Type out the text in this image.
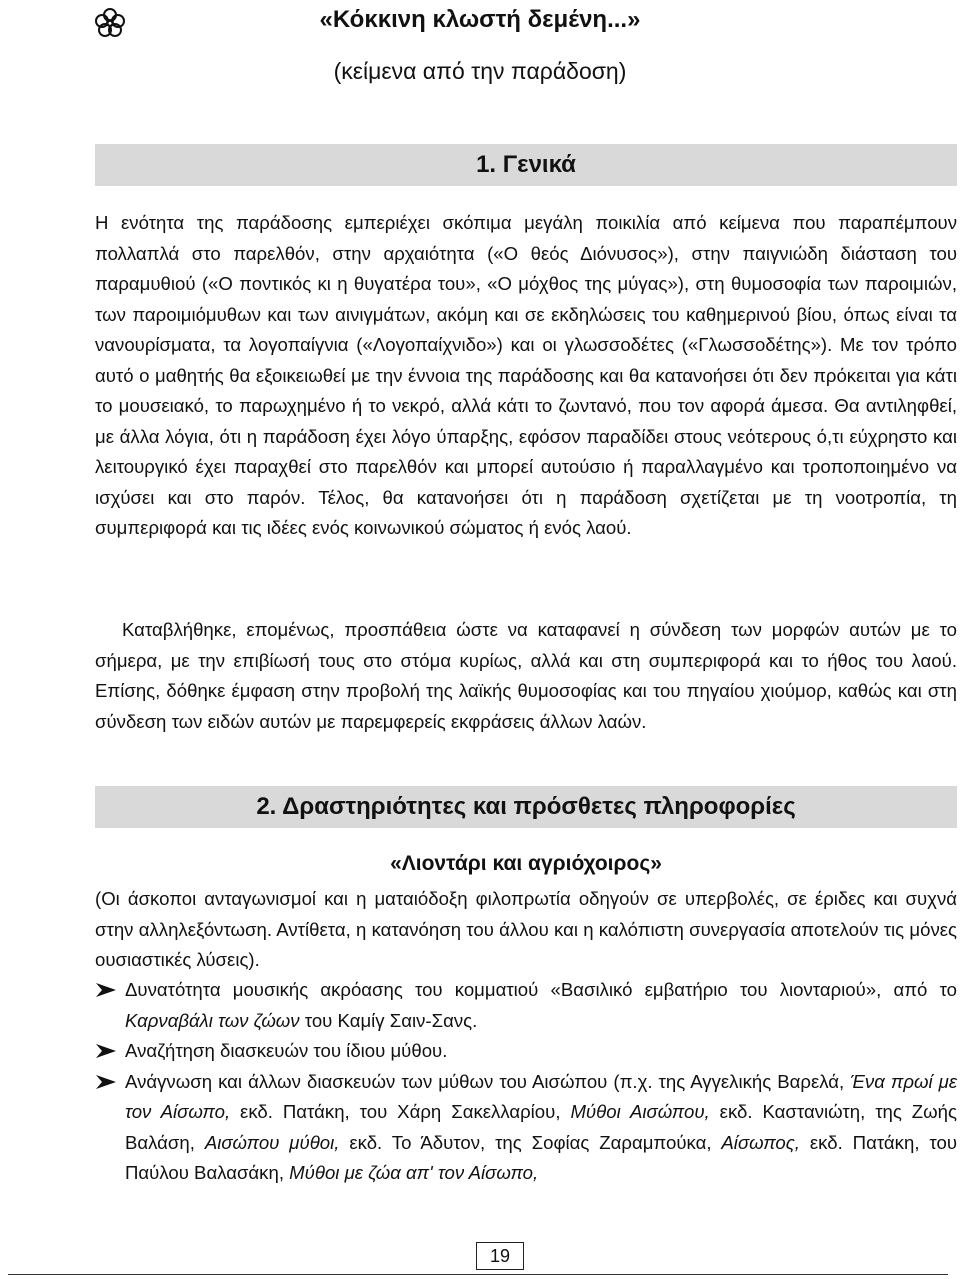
«Κόκκινη κλωστή δεμένη...»
(κείμενα από την παράδοση)
1. Γενικά

Η ενότητα της παράδοσης εμπεριέχει σκόπιμα μεγάλη ποικιλία από κείμενα που παραπέμπουν πολλαπλά στο παρελθόν, στην αρχαιότητα («Ο θεός Διόνυσος»), στην παιγνιώδη διάσταση του παραμυθιού («Ο ποντικός κι η θυγατέρα του», «Ο μόχθος της μύγας»), στη θυμοσοφία των παροιμιών, των παροιμιόμυθων και των αινιγμάτων, ακόμη και σε εκδηλώσεις του καθημερινού βίου, όπως είναι τα νανουρίσματα, τα λογοπαίγνια («Λογοπαίχνιδο») και οι γλωσσοδέτες («Γλωσσοδέτης»). Με τον τρόπο αυτό ο μαθητής θα εξοικειωθεί με την έννοια της παράδοσης και θα κατανοήσει ότι δεν πρόκειται για κάτι το μουσειακό, το παρωχημένο ή το νεκρό, αλλά κάτι το ζωντανό, που τον αφορά άμεσα. Θα αντιληφθεί, με άλλα λόγια, ότι η παράδοση έχει λόγο ύπαρξης, εφόσον παραδίδει στους νεότερους ό,τι εύχρηστο και λειτουργικό έχει παραχθεί στο παρελθόν και μπορεί αυτούσιο ή παραλλαγμένο και τροποποιημένο να ισχύσει και στο παρόν. Τέλος, θα κατανοήσει ότι η παράδοση σχετίζεται με τη νοοτροπία, τη συμπεριφορά και τις ιδέες ενός κοινωνικού σώματος ή ενός λαού.

Καταβλήθηκε, επομένως, προσπάθεια ώστε να καταφανεί η σύνδεση των μορφών αυτών με το σήμερα, με την επιβίωσή τους στο στόμα κυρίως, αλλά και στη συμπεριφορά και το ήθος του λαού. Επίσης, δόθηκε έμφαση στην προβολή της λαϊκής θυμοσοφίας και του πηγαίου χιούμορ, καθώς και στη σύνδεση των ειδών αυτών με παρεμφερείς εκφράσεις άλλων λαών.

2. Δραστηριότητες και πρόσθετες πληροφορίες
«Λιοντάρι και αγριόχοιρος»

(Οι άσκοποι ανταγωνισμοί και η ματαιόδοξη φιλοπρωτία οδηγούν σε υπερβολές, σε έριδες και συχνά στην αλληλεξόντωση. Αντίθετα, η κατανόηση του άλλου και η καλόπιστη συνεργασία αποτελούν τις μόνες ουσιαστικές λύσεις).

Δυνατότητα μουσικής ακρόασης του κομματιού «Βασιλικό εμβατήριο του λιονταριού», από το Καρναβάλι των ζώων του Καμίγ Σαιν-Σανς.
Αναζήτηση διασκευών του ίδιου μύθου.
Ανάγνωση και άλλων διασκευών των μύθων του Αισώπου (π.χ. της Αγγελικής Βαρελά, Ένα πρωί με τον Αίσωπο, εκδ. Πατάκη, του Χάρη Σακελλαρίου, Μύθοι Αισώπου, εκδ. Καστανιώτη, της Ζωής Βαλάση, Αισώπου μύθοι, εκδ. Το Άδυτον, της Σοφίας Ζαραμπούκα, Αίσωπος, εκδ. Πατάκη, του Παύλου Βαλασάκη, Μύθοι με ζώα απ' τον Αίσωπο,
19
